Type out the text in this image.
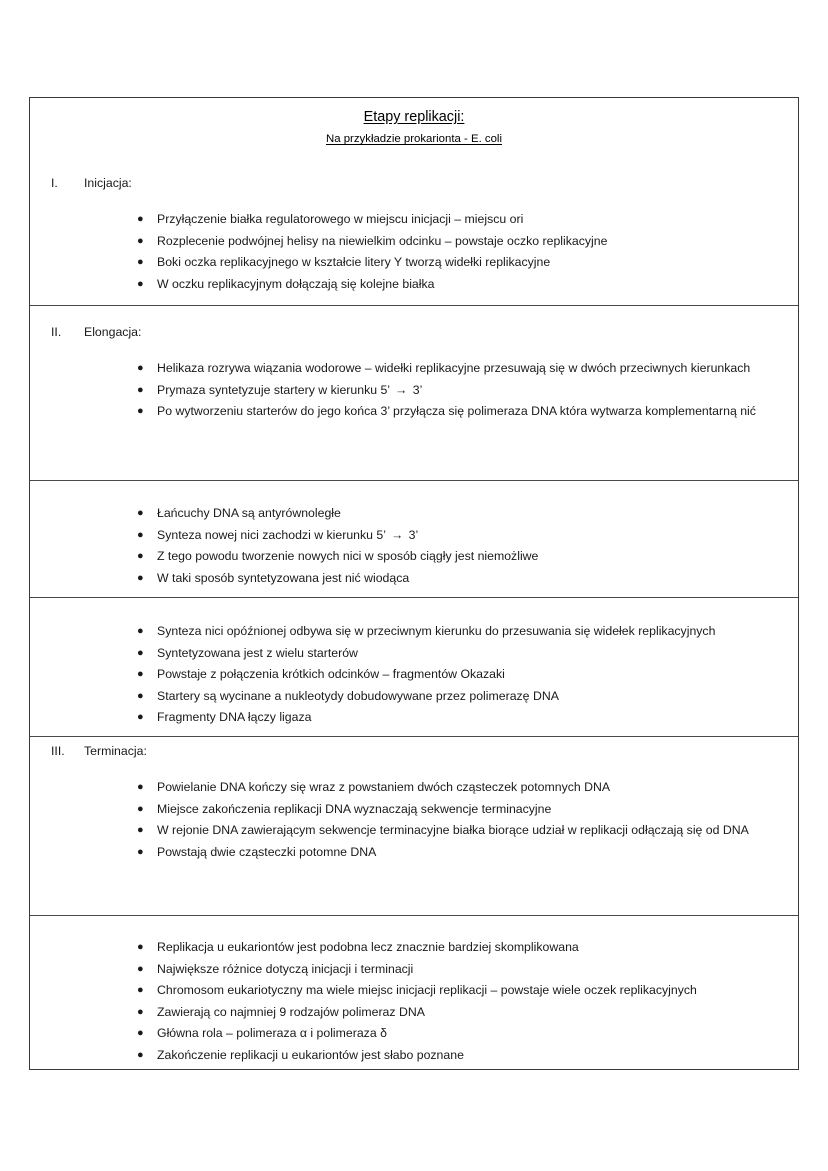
Etapy replikacji:
Na przykładzie prokarionta - E. coli
I.	Inicjacja:
● Przyłączenie białka regulatorowego w miejscu inicjacji – miejscu ori
● Rozplecenie podwójnej helisy na niewielkim odcinku – powstaje oczko replikacyjne
● Boki oczka replikacyjnego w kształcie litery Y tworzą widełki replikacyjne
● W oczku replikacyjnym dołączają się kolejne białka
II.	Elongacja:
● Helikaza rozrywa wiązania wodorowe – widełki replikacyjne przesuwają się w dwóch przeciwnych kierunkach
● Prymaza syntetyzuje startery w kierunku 5’ → 3’
● Po wytworzeniu starterów do jego końca 3’ przyłącza się polimeraza DNA która wytwarza komplementarną nić
● Łańcuchy DNA są antyrównoległe
● Synteza nowej nici zachodzi w kierunku 5’ → 3’
● Z tego powodu tworzenie nowych nici w sposób ciągły jest niemożliwe
● W taki sposób syntetyzowana jest nić wiodąca
● Synteza nici opóźnionej odbywa się w przeciwnym kierunku do przesuwania się widełek replikacyjnych
● Syntetyzowana jest z wielu starterów
● Powstaje z połączenia krótkich odcinków – fragmentów Okazaki
● Startery są wycinane a nukleotydy dobudowywane przez polimerazę DNA
● Fragmenty DNA łączy ligaza
III.	Terminacja:
● Powielanie DNA kończy się wraz z powstaniem dwóch cząsteczek potomnych DNA
● Miejsce zakończenia replikacji DNA wyznaczają sekwencje terminacyjne
● W rejonie DNA zawierającym sekwencje terminacyjne białka biorące udział w replikacji odłączają się od DNA
● Powstają dwie cząsteczki potomne DNA
● Replikacja u eukariontów jest podobna lecz znacznie bardziej skomplikowana
● Największe różnice dotyczą inicjacji i terminacji
● Chromosom eukariotyczny ma wiele miejsc inicjacji replikacji – powstaje wiele oczek replikacyjnych
● Zawierają co najmniej 9 rodzajów polimeraz DNA
● Główna rola – polimeraza α i polimeraza δ
● Zakończenie replikacji u eukariontów jest słabo poznane
